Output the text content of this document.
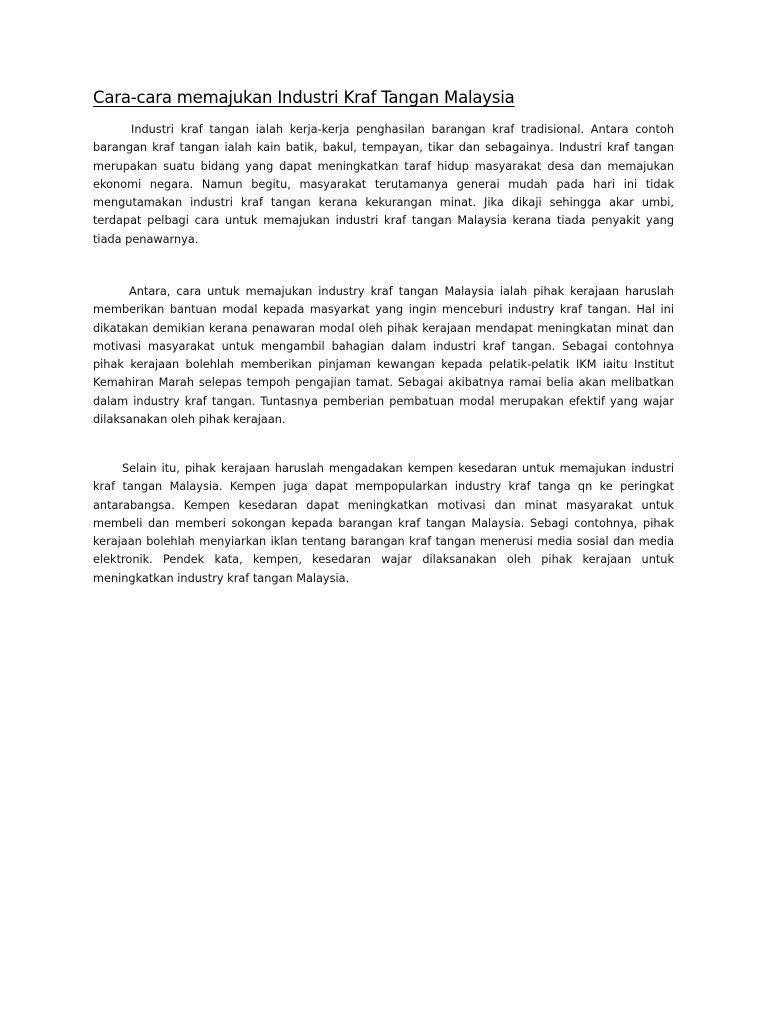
Cara-cara memajukan Industri Kraf Tangan Malaysia

Industri kraf tangan ialah kerja-kerja penghasilan barangan kraf tradisional. Antara contoh barangan kraf tangan ialah kain batik, bakul, tempayan, tikar dan sebagainya. Industri kraf tangan merupakan suatu bidang yang dapat meningkatkan taraf hidup masyarakat desa dan memajukan ekonomi negara. Namun begitu, masyarakat terutamanya generai mudah pada hari ini tidak mengutamakan industri kraf tangan kerana kekurangan minat. Jika dikaji sehingga akar umbi, terdapat pelbagi cara untuk memajukan industri kraf tangan Malaysia kerana tiada penyakit yang tiada penawarnya.

Antara, cara untuk memajukan industry kraf tangan Malaysia ialah pihak kerajaan haruslah memberikan bantuan modal kepada masyarkat yang ingin menceburi industry kraf tangan. Hal ini dikatakan demikian kerana penawaran modal oleh pihak kerajaan mendapat meningkatan minat dan motivasi masyarakat untuk mengambil bahagian dalam industri kraf tangan. Sebagai contohnya pihak kerajaan bolehlah memberikan pinjaman kewangan kepada pelatik-pelatik IKM iaitu Institut Kemahiran Marah selepas tempoh pengajian tamat. Sebagai akibatnya ramai belia akan melibatkan dalam industry kraf tangan. Tuntasnya pemberian pembatuan modal merupakan efektif yang wajar dilaksanakan oleh pihak kerajaan.

Selain itu, pihak kerajaan haruslah mengadakan kempen kesedaran untuk memajukan industri kraf tangan Malaysia. Kempen juga dapat mempopularkan industry kraf tanga qn ke peringkat antarabangsa. Kempen kesedaran dapat meningkatkan motivasi dan minat masyarakat untuk membeli dan memberi sokongan kepada barangan kraf tangan Malaysia. Sebagi contohnya, pihak kerajaan bolehlah menyiarkan iklan tentang barangan kraf tangan menerusi media sosial dan media elektronik. Pendek kata, kempen, kesedaran wajar dilaksanakan oleh pihak kerajaan untuk meningkatkan industry kraf tangan Malaysia.
